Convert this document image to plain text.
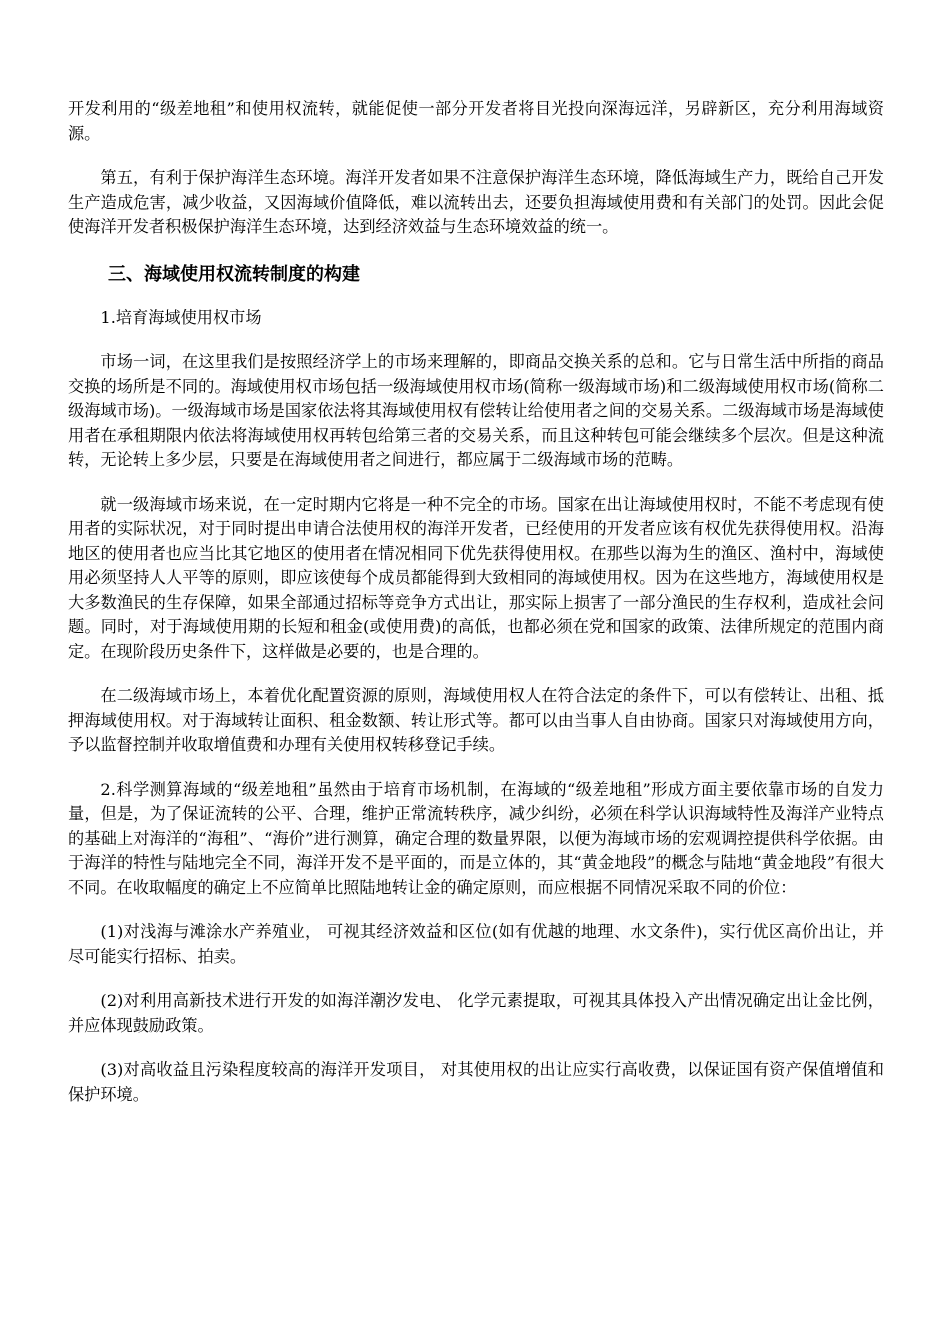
开发利用的“级差地租”和使用权流转，就能促使一部分开发者将目光投向深海远洋，另辟新区，充分利用海域资源。

第五，有利于保护海洋生态环境。海洋开发者如果不注意保护海洋生态环境，降低海域生产力，既给自己开发生产造成危害，减少收益，又因海域价值降低，难以流转出去，还要负担海域使用费和有关部门的处罚。因此会促使海洋开发者积极保护海洋生态环境，达到经济效益与生态环境效益的统一。

三、海域使用权流转制度的构建

1.培育海域使用权市场

市场一词，在这里我们是按照经济学上的市场来理解的，即商品交换关系的总和。它与日常生活中所指的商品交换的场所是不同的。海域使用权市场包括一级海域使用权市场(简称一级海域市场)和二级海域使用权市场(简称二级海域市场)。一级海域市场是国家依法将其海域使用权有偿转让给使用者之间的交易关系。二级海域市场是海域使用者在承租期限内依法将海域使用权再转包给第三者的交易关系，而且这种转包可能会继续多个层次。但是这种流转，无论转上多少层，只要是在海域使用者之间进行，都应属于二级海域市场的范畴。

就一级海域市场来说，在一定时期内它将是一种不完全的市场。国家在出让海域使用权时，不能不考虑现有使用者的实际状况，对于同时提出申请合法使用权的海洋开发者，已经使用的开发者应该有权优先获得使用权。沿海地区的使用者也应当比其它地区的使用者在情况相同下优先获得使用权。在那些以海为生的渔区、渔村中，海域使用必须坚持人人平等的原则，即应该使每个成员都能得到大致相同的海域使用权。因为在这些地方，海域使用权是大多数渔民的生存保障，如果全部通过招标等竞争方式出让，那实际上损害了一部分渔民的生存权利，造成社会问题。同时，对于海域使用期的长短和租金(或使用费)的高低，也都必须在党和国家的政策、法律所规定的范围内商定。在现阶段历史条件下，这样做是必要的，也是合理的。

在二级海域市场上，本着优化配置资源的原则，海域使用权人在符合法定的条件下，可以有偿转让、出租、抵押海域使用权。对于海域转让面积、租金数额、转让形式等。都可以由当事人自由协商。国家只对海域使用方向，予以监督控制并收取增值费和办理有关使用权转移登记手续。

2.科学测算海域的“级差地租”虽然由于培育市场机制，在海域的“级差地租”形成方面主要依靠市场的自发力量，但是，为了保证流转的公平、合理，维护正常流转秩序，减少纠纷，必须在科学认识海域特性及海洋产业特点的基础上对海洋的“海租”、“海价”进行测算，确定合理的数量界限，以便为海域市场的宏观调控提供科学依据。由于海洋的特性与陆地完全不同，海洋开发不是平面的，而是立体的，其“黄金地段”的概念与陆地“黄金地段”有很大不同。在收取幅度的确定上不应简单比照陆地转让金的确定原则，而应根据不同情况采取不同的价位：

(1)对浅海与滩涂水产养殖业， 可视其经济效益和区位(如有优越的地理、水文条件)，实行优区高价出让，并尽可能实行招标、拍卖。

(2)对利用高新技术进行开发的如海洋潮汐发电、 化学元素提取，可视其具体投入产出情况确定出让金比例，并应体现鼓励政策。

(3)对高收益且污染程度较高的海洋开发项目， 对其使用权的出让应实行高收费，以保证国有资产保值增值和保护环境。
